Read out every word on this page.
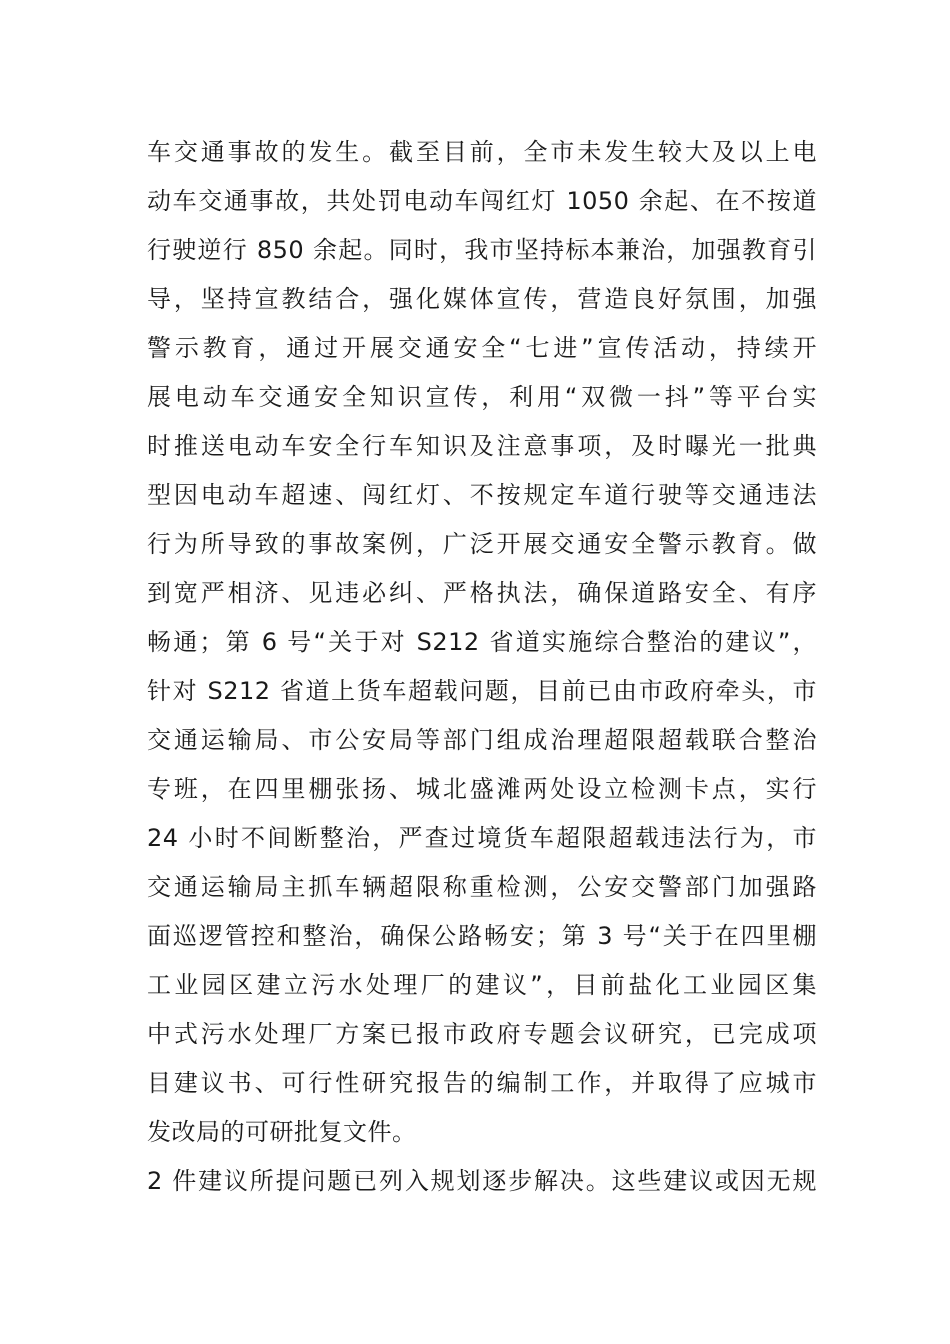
车交通事故的发生。截至目前，全市未发生较大及以上电
动车交通事故，共处罚电动车闯红灯 1050 余起、在不按道
行驶逆行 850 余起。同时，我市坚持标本兼治，加强教育引
导，坚持宣教结合，强化媒体宣传，营造良好氛围，加强
警示教育，通过开展交通安全“七进”宣传活动，持续开
展电动车交通安全知识宣传，利用“双微一抖”等平台实
时推送电动车安全行车知识及注意事项，及时曝光一批典
型因电动车超速、闯红灯、不按规定车道行驶等交通违法
行为所导致的事故案例，广泛开展交通安全警示教育。做
到宽严相济、见违必纠、严格执法，确保道路安全、有序
畅通；第 6 号“关于对 S212 省道实施综合整治的建议”，
针对 S212 省道上货车超载问题，目前已由市政府牵头，市
交通运输局、市公安局等部门组成治理超限超载联合整治
专班，在四里棚张扬、城北盛滩两处设立检测卡点，实行
24 小时不间断整治，严查过境货车超限超载违法行为，市
交通运输局主抓车辆超限称重检测，公安交警部门加强路
面巡逻管控和整治，确保公路畅安；第 3 号“关于在四里棚
工业园区建立污水处理厂的建议”，目前盐化工业园区集
中式污水处理厂方案已报市政府专题会议研究，已完成项
目建议书、可行性研究报告的编制工作，并取得了应城市
发改局的可研批复文件。
2 件建议所提问题已列入规划逐步解决。这些建议或因无规
